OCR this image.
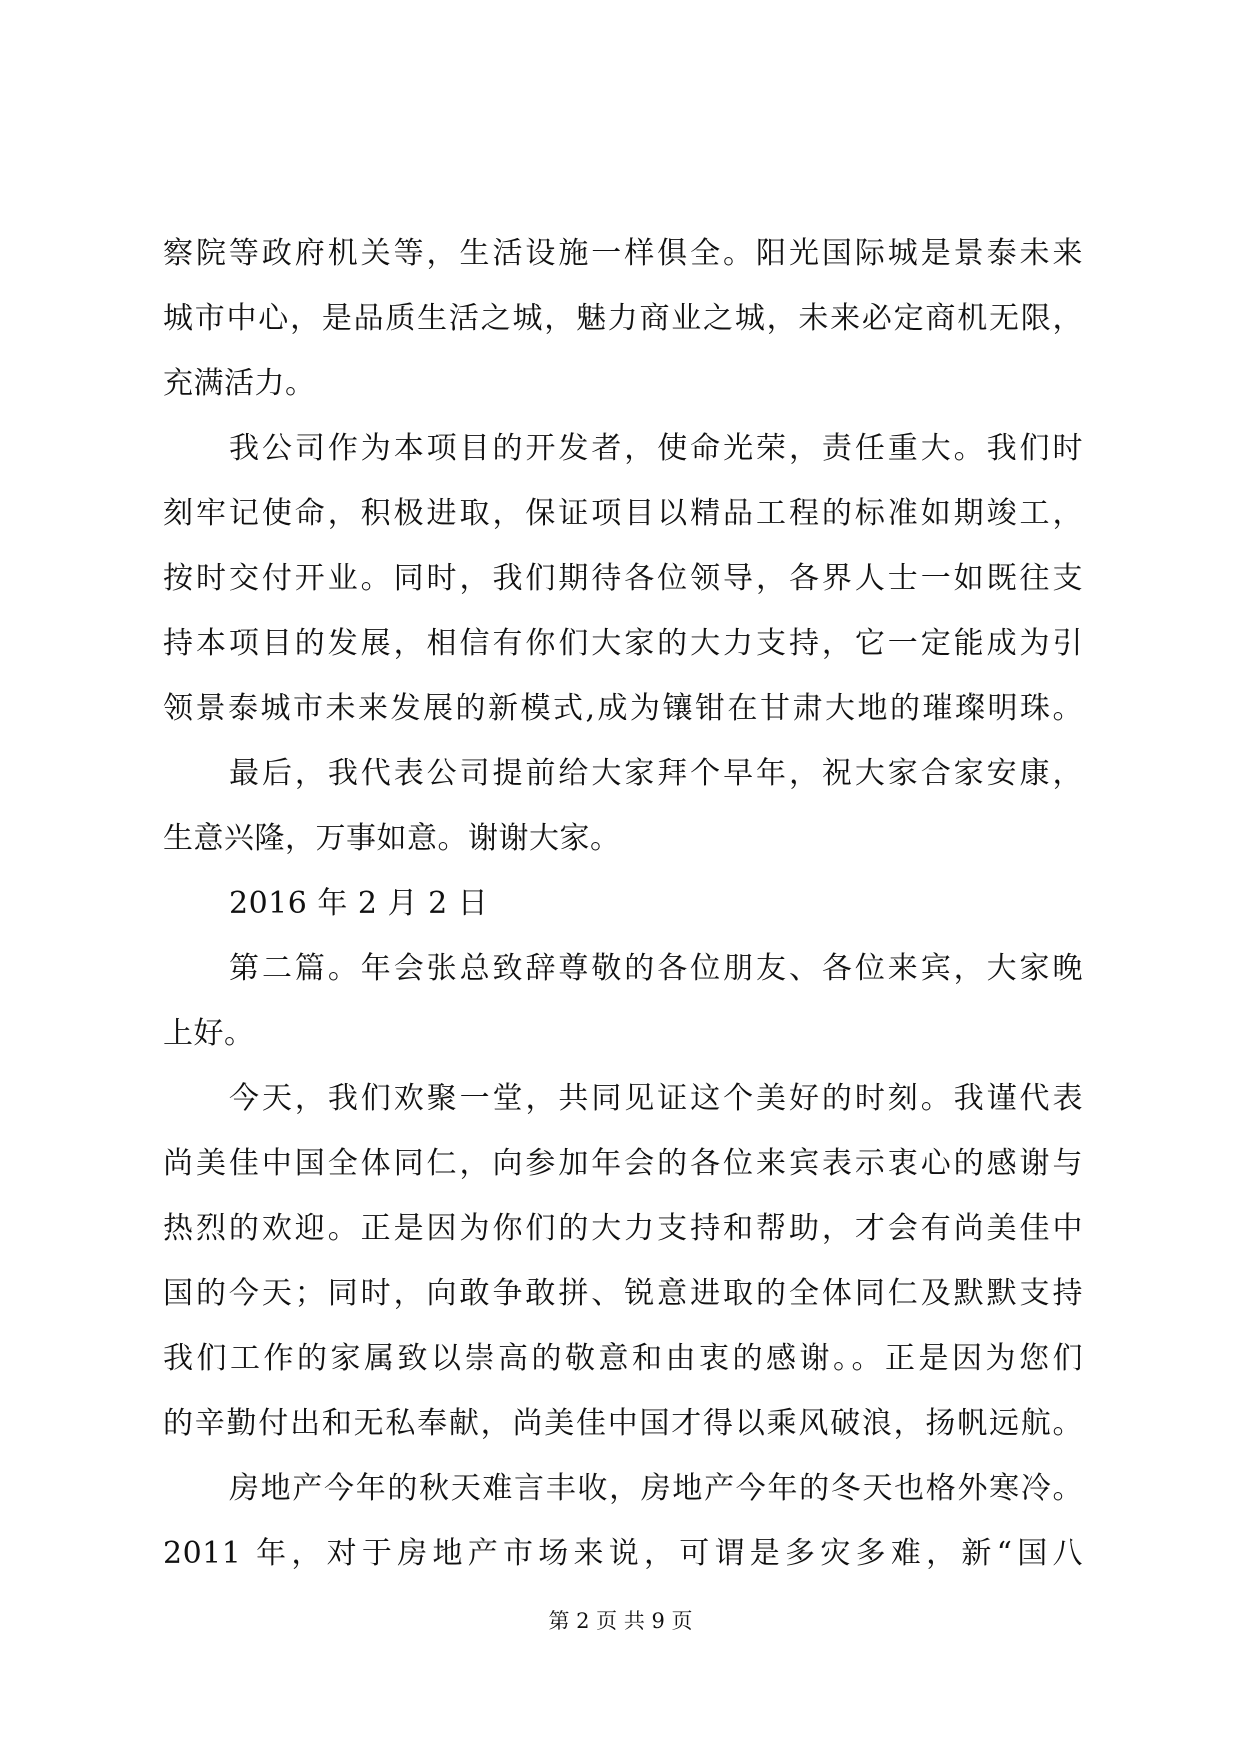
察院等政府机关等，生活设施一样俱全。阳光国际城是景泰未来
城市中心，是品质生活之城，魅力商业之城，未来必定商机无限，
充满活力。
我公司作为本项目的开发者，使命光荣，责任重大。我们时
刻牢记使命，积极进取，保证项目以精品工程的标准如期竣工，
按时交付开业。同时，我们期待各位领导，各界人士一如既往支
持本项目的发展，相信有你们大家的大力支持，它一定能成为引
领景泰城市未来发展的新模式,成为镶钳在甘肃大地的璀璨明珠。
最后，我代表公司提前给大家拜个早年，祝大家合家安康，
生意兴隆，万事如意。谢谢大家。
2016 年 2 月 2 日
第二篇。年会张总致辞尊敬的各位朋友、各位来宾，大家晚
上好。
今天，我们欢聚一堂，共同见证这个美好的时刻。我谨代表
尚美佳中国全体同仁，向参加年会的各位来宾表示衷心的感谢与
热烈的欢迎。正是因为你们的大力支持和帮助，才会有尚美佳中
国的今天；同时，向敢争敢拼、锐意进取的全体同仁及默默支持
我们工作的家属致以崇高的敬意和由衷的感谢。。正是因为您们
的辛勤付出和无私奉献，尚美佳中国才得以乘风破浪，扬帆远航。
房地产今年的秋天难言丰收，房地产今年的冬天也格外寒冷。
2011 年，对于房地产市场来说，可谓是多灾多难，新“国八
第 2 页 共 9 页
